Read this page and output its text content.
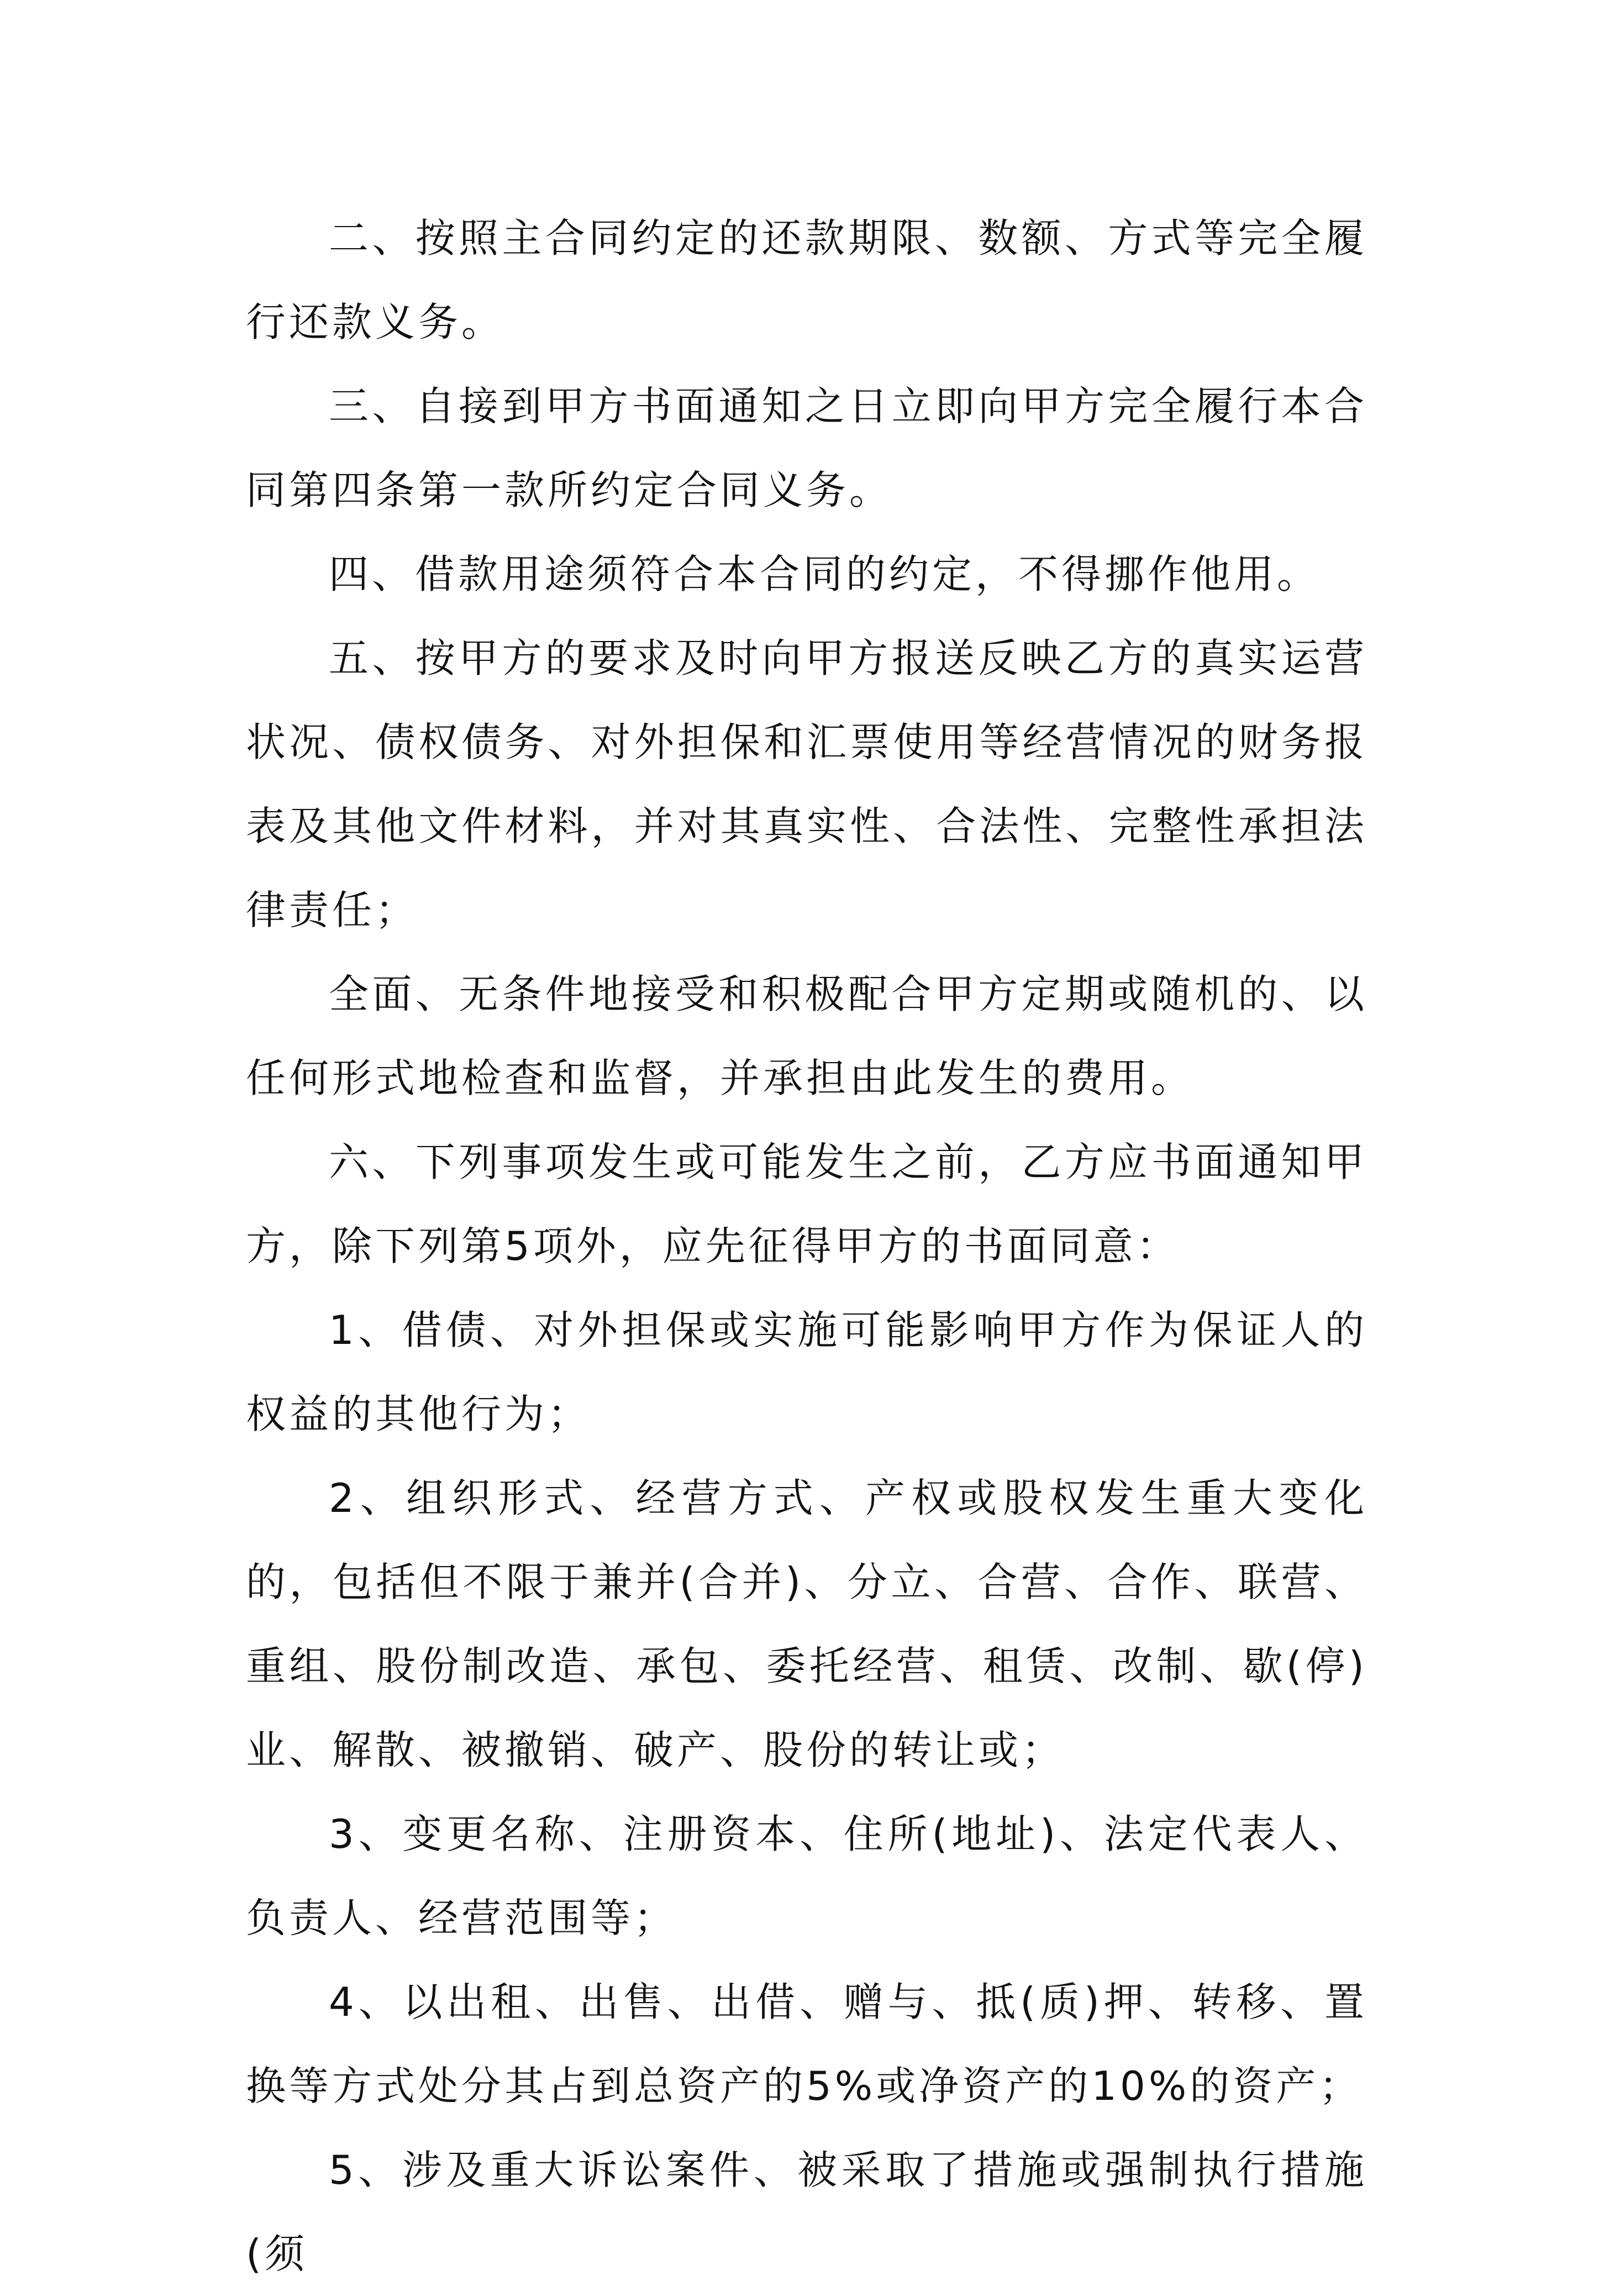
二、按照主合同约定的还款期限、数额、方式等完全履行还款义务。

三、自接到甲方书面通知之日立即向甲方完全履行本合同第四条第一款所约定合同义务。

四、借款用途须符合本合同的约定，不得挪作他用。

五、按甲方的要求及时向甲方报送反映乙方的真实运营状况、债权债务、对外担保和汇票使用等经营情况的财务报表及其他文件材料，并对其真实性、合法性、完整性承担法律责任；

全面、无条件地接受和积极配合甲方定期或随机的、以任何形式地检查和监督，并承担由此发生的费用。

六、下列事项发生或可能发生之前，乙方应书面通知甲方，除下列第5项外，应先征得甲方的书面同意：

1、借债、对外担保或实施可能影响甲方作为保证人的权益的其他行为；

2、组织形式、经营方式、产权或股权发生重大变化的，包括但不限于兼并(合并)、分立、合营、合作、联营、重组、股份制改造、承包、委托经营、租赁、改制、歇(停)业、解散、被撤销、破产、股份的转让或；

3、变更名称、注册资本、住所(地址)、法定代表人、负责人、经营范围等；

4、以出租、出售、出借、赠与、抵(质)押、转移、置换等方式处分其占到总资产的5%或净资产的10%的资产；

5、涉及重大诉讼案件、被采取了措施或强制执行措施(须
